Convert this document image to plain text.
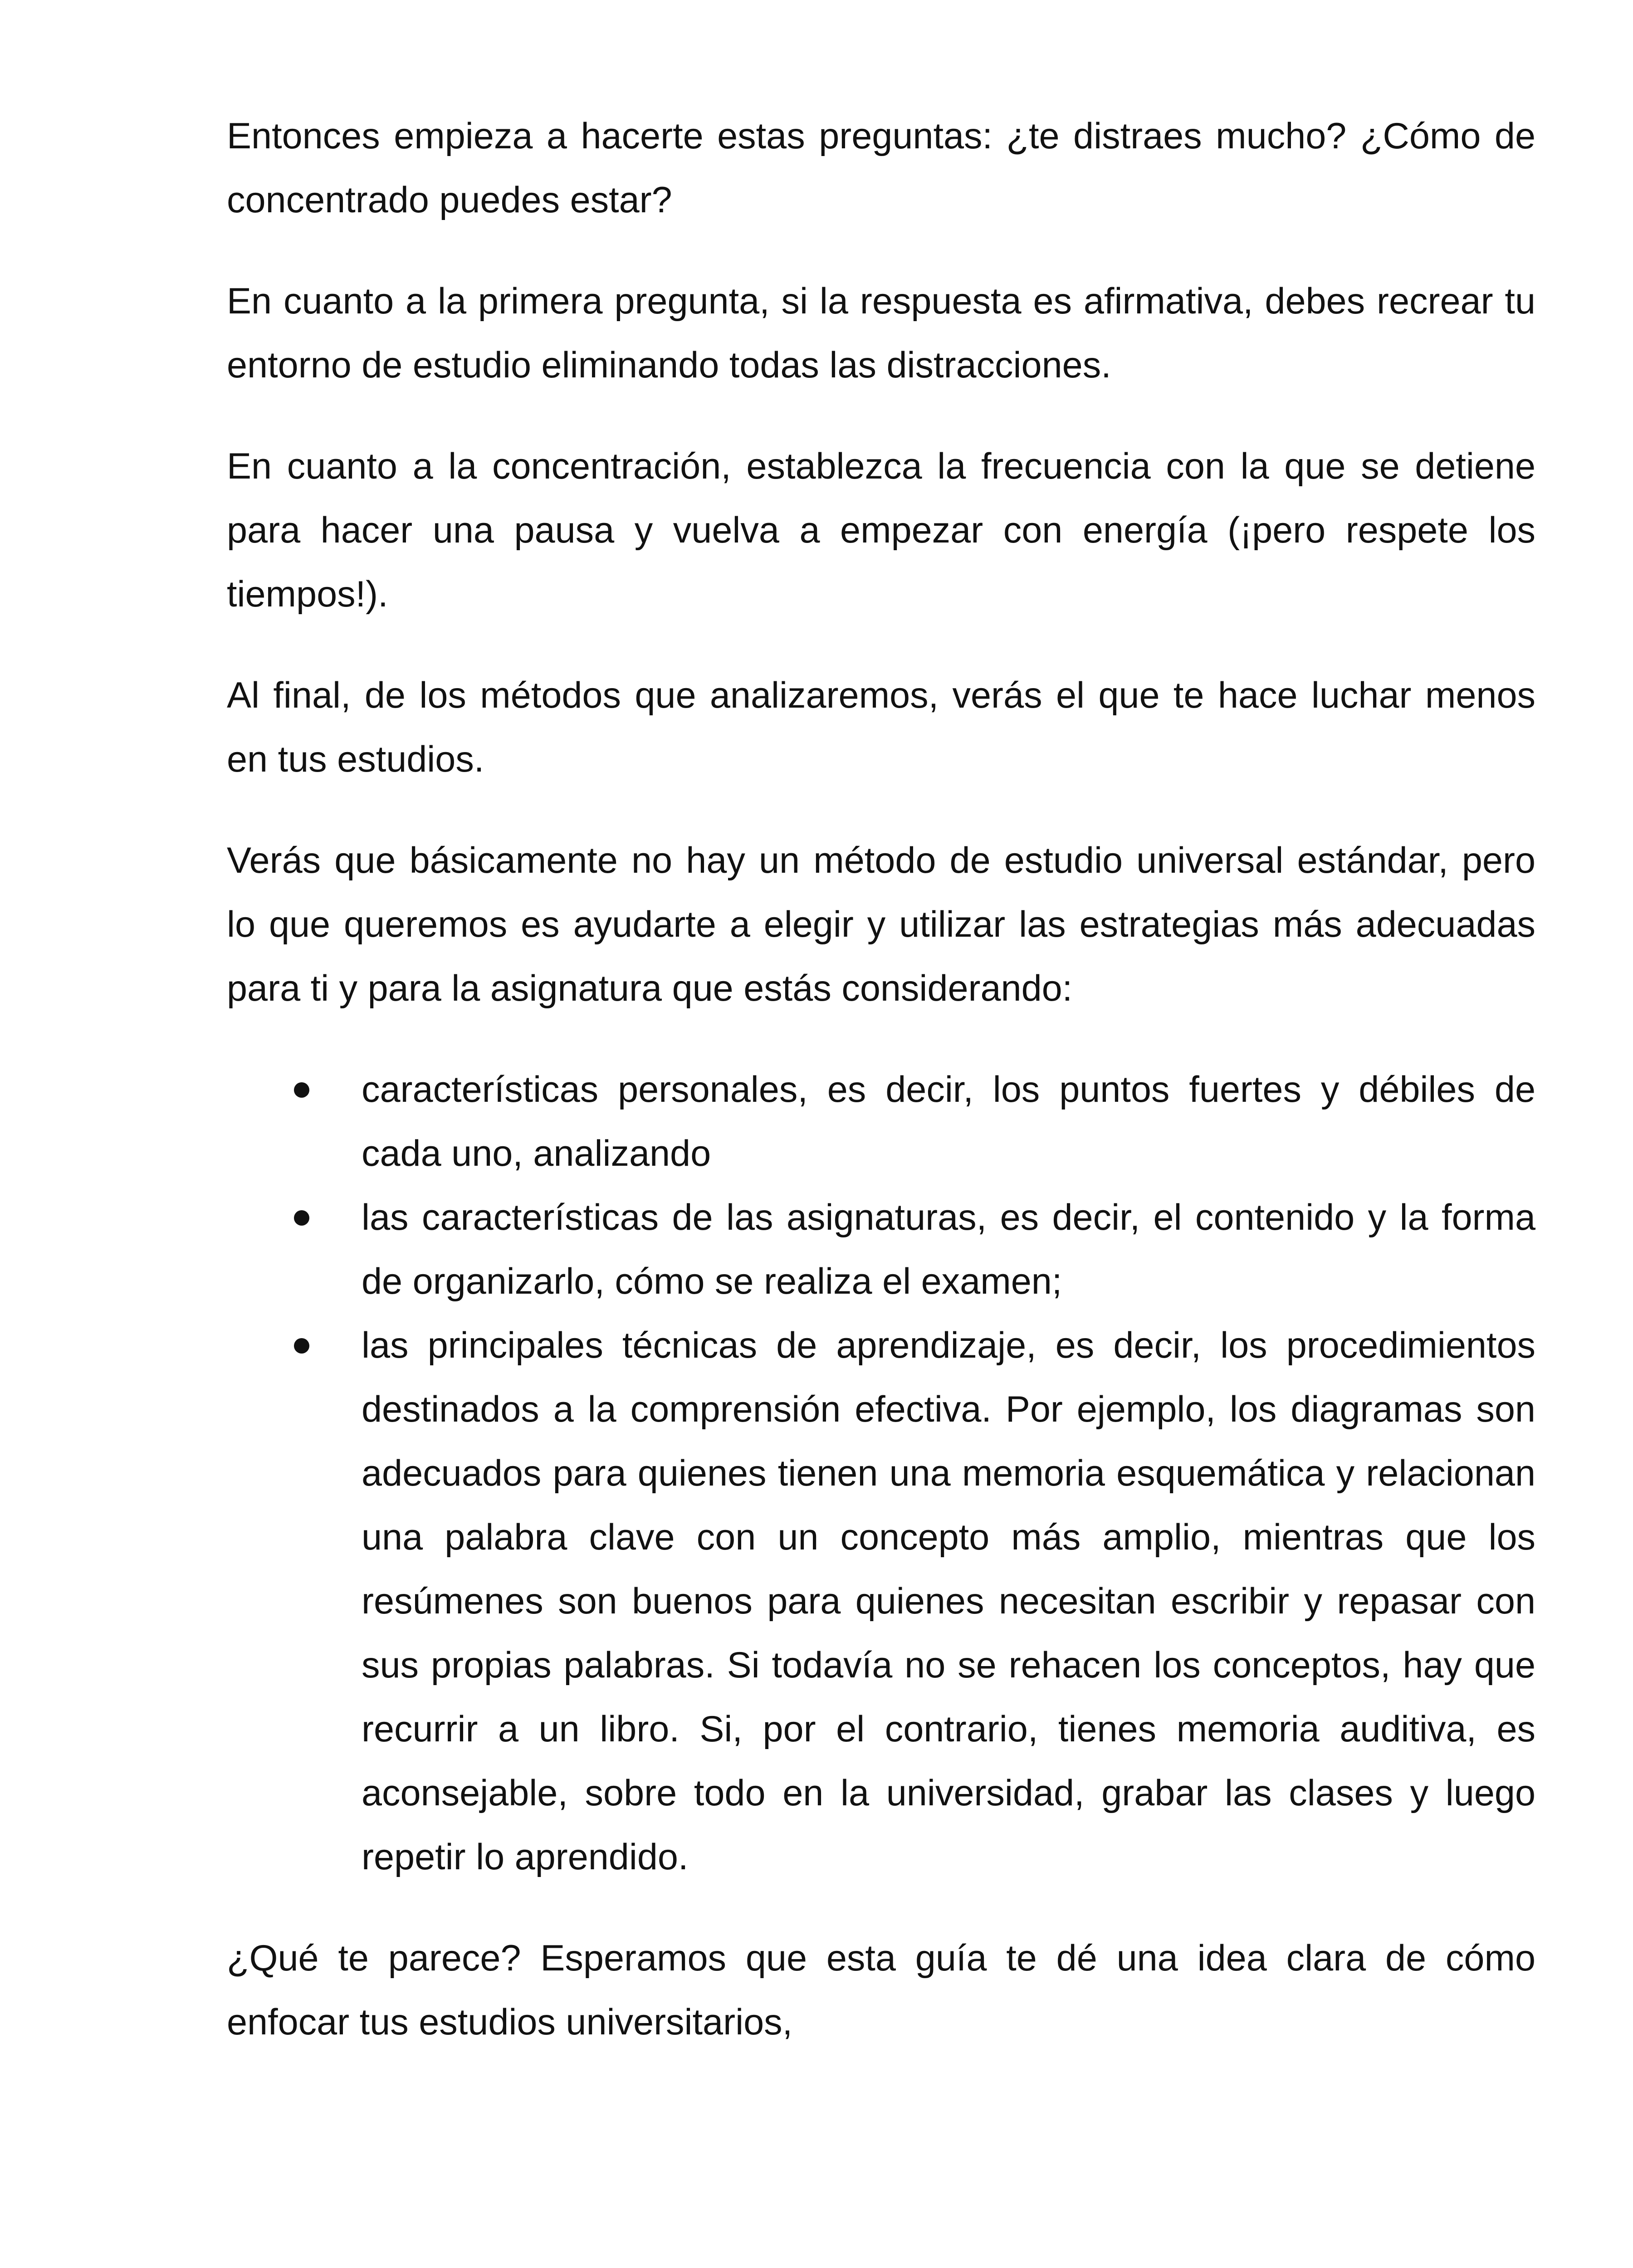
Entonces empieza a hacerte estas preguntas: ¿te distraes mucho? ¿Cómo de concentrado puedes estar?

En cuanto a la primera pregunta, si la respuesta es afirmativa, debes recrear tu entorno de estudio eliminando todas las distracciones.

En cuanto a la concentración, establezca la frecuencia con la que se detiene para hacer una pausa y vuelva a empezar con energía (¡pero respete los tiempos!).

Al final, de los métodos que analizaremos, verás el que te hace luchar menos en tus estudios.

Verás que básicamente no hay un método de estudio universal estándar, pero lo que queremos es ayudarte a elegir y utilizar las estrategias más adecuadas para ti y para la asignatura que estás considerando:

características personales, es decir, los puntos fuertes y débiles de cada uno, analizando
las características de las asignaturas, es decir, el contenido y la forma de organizarlo, cómo se realiza el examen;
las principales técnicas de aprendizaje, es decir, los procedimientos destinados a la comprensión efectiva. Por ejemplo, los diagramas son adecuados para quienes tienen una memoria esquemática y relacionan una palabra clave con un concepto más amplio, mientras que los resúmenes son buenos para quienes necesitan escribir y repasar con sus propias palabras. Si todavía no se rehacen los conceptos, hay que recurrir a un libro. Si, por el contrario, tienes memoria auditiva, es aconsejable, sobre todo en la universidad, grabar las clases y luego repetir lo aprendido.

¿Qué te parece? Esperamos que esta guía te dé una idea clara de cómo enfocar tus estudios universitarios,
